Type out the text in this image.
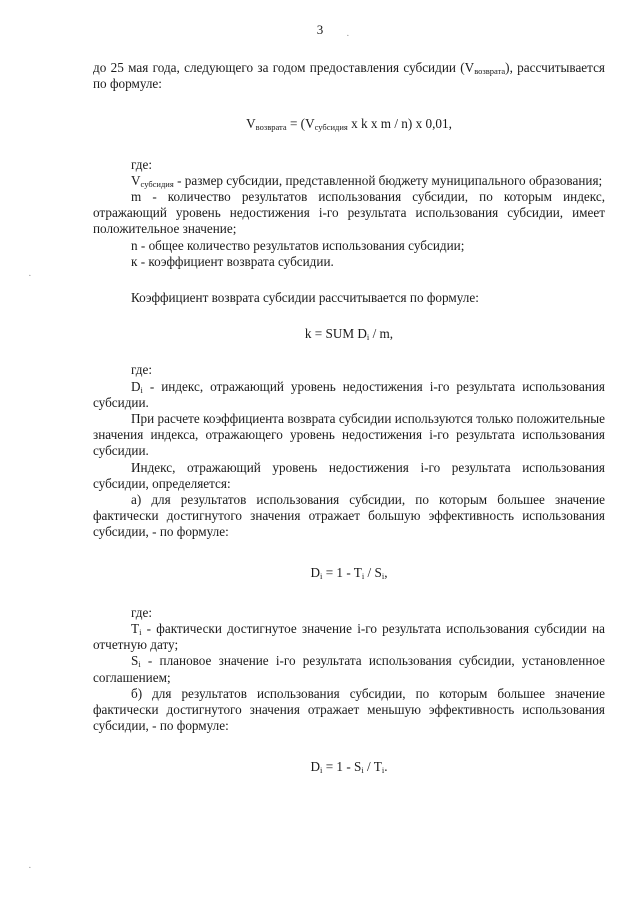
3	·

до 25 мая года, следующего за годом предоставления субсидии $(V_{возврата})$, рассчитывается по формуле:

$V_{возврата} = (V_{субсидия}$ x k x m / n) x 0,01,

где:

$V_{субсидия}$ - размер субсидии, представленной бюджету муниципального образования;

m - количество результатов использования субсидии, по которым индекс, отражающий уровень недостижения i-го результата использования субсидии, имеет положительное значение;

n - общее количество результатов использования субсидии;

к - коэффициент возврата субсидии.

Коэффициент возврата субсидии рассчитывается по формуле:

k = SUM $D_i$ / m,

где:

$D_i$ - индекс, отражающий уровень недостижения i-го результата использования субсидии.

При расчете коэффициента возврата субсидии используются только положительные значения индекса, отражающего уровень недостижения i-го результата использования субсидии.

Индекс, отражающий уровень недостижения i-го результата использования субсидии, определяется:

а) для результатов использования субсидии, по которым большее значение фактически достигнутого значения отражает большую эффективность использования субсидии, - по формуле:

$D_i = 1 - T_i / S_i$,

где:

$T_i$ - фактически достигнутое значение i-го результата использования субсидии на отчетную дату;

$S_i$ - плановое значение i-го результата использования субсидии, установленное соглашением;

б) для результатов использования субсидии, по которым большее значение фактически достигнутого значения отражает меньшую эффективность использования субсидии, - по формуле:

$D_i = 1 - S_i / T_i$.

·
·
